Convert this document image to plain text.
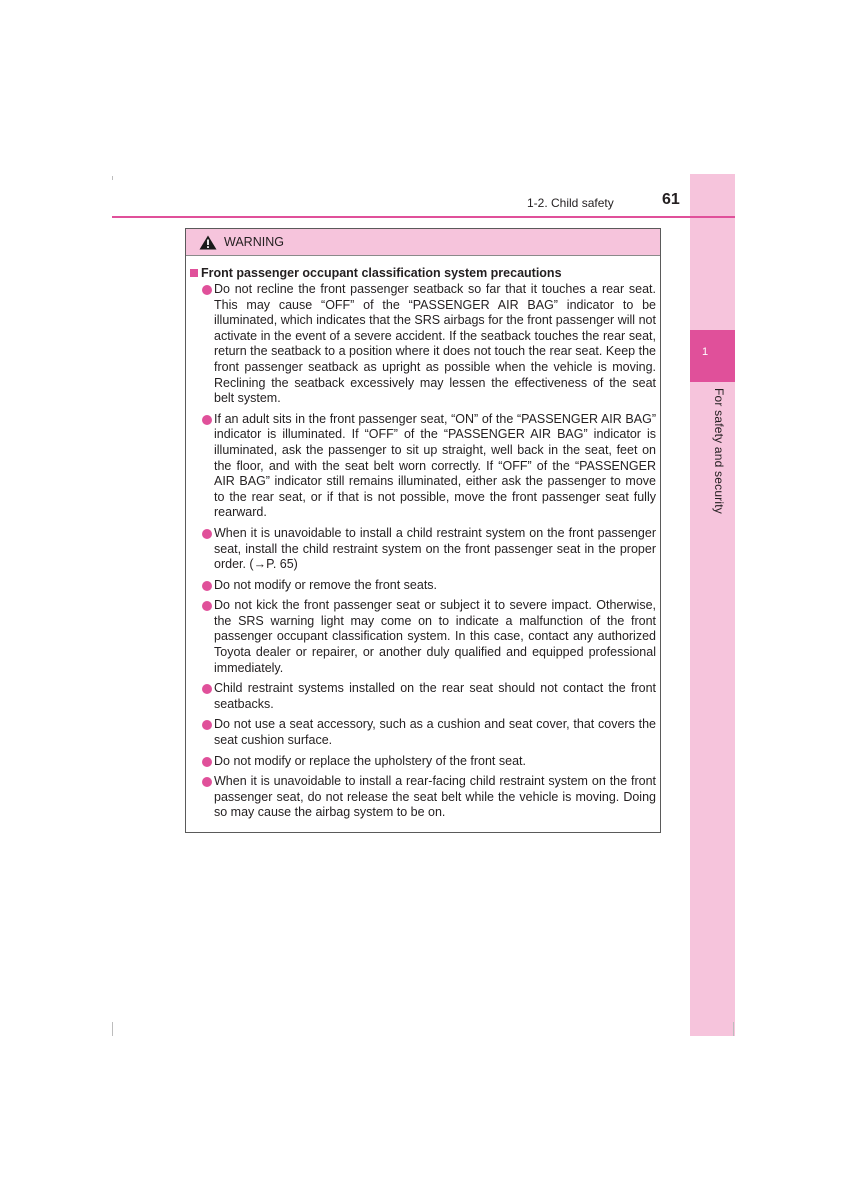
1
For safety and security
1-2. Child safety	61
WARNING
Front passenger occupant classification system precautions
Do not recline the front passenger seatback so far that it touches a rear seat. This may cause “OFF” of the “PASSENGER AIR BAG” indicator to be illuminated, which indicates that the SRS airbags for the front passenger will not activate in the event of a severe accident. If the seatback touches the rear seat, return the seatback to a position where it does not touch the rear seat. Keep the front passenger seatback as upright as possible when the vehicle is moving. Reclining the seatback excessively may lessen the effectiveness of the seat belt system.
If an adult sits in the front passenger seat, “ON” of the “PASSENGER AIR BAG” indicator is illuminated. If “OFF” of the “PASSENGER AIR BAG” indicator is illuminated, ask the passenger to sit up straight, well back in the seat, feet on the floor, and with the seat belt worn correctly. If “OFF” of the “PASSENGER AIR BAG” indicator still remains illuminated, either ask the passenger to move to the rear seat, or if that is not possible, move the front passenger seat fully rearward.
When it is unavoidable to install a child restraint system on the front passenger seat, install the child restraint system on the front passenger seat in the proper order. (→P. 65)
Do not modify or remove the front seats.
Do not kick the front passenger seat or subject it to severe impact. Otherwise, the SRS warning light may come on to indicate a malfunction of the front passenger occupant classification system. In this case, contact any authorized Toyota dealer or repairer, or another duly qualified and equipped professional immediately.
Child restraint systems installed on the rear seat should not contact the front seatbacks.
Do not use a seat accessory, such as a cushion and seat cover, that covers the seat cushion surface.
Do not modify or replace the upholstery of the front seat.
When it is unavoidable to install a rear-facing child restraint system on the front passenger seat, do not release the seat belt while the vehicle is moving. Doing so may cause the airbag system to be on.
